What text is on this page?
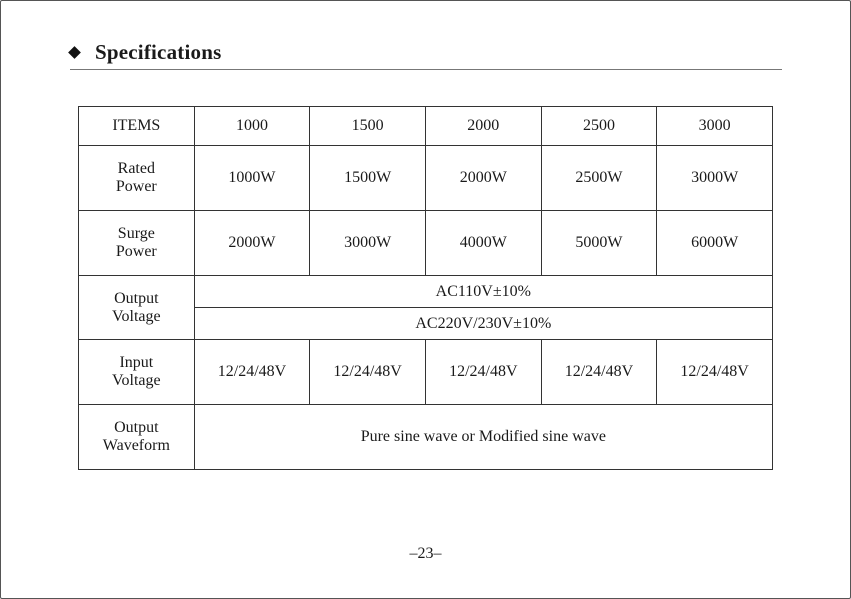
Specifications
ITEMS	1000	1500	2000	2500	3000

Rated
Power	1000W	1500W	2000W	2500W	3000W

Surge
Power	2000W	3000W	4000W	5000W	6000W

Output
Voltage	AC110V±10%				
	AC220V/230V±10%				

Input
Voltage	12/24/48V	12/24/48V	12/24/48V	12/24/48V	12/24/48V

Output
Waveform	Pure sine wave or Modified sine wave				
–23–
